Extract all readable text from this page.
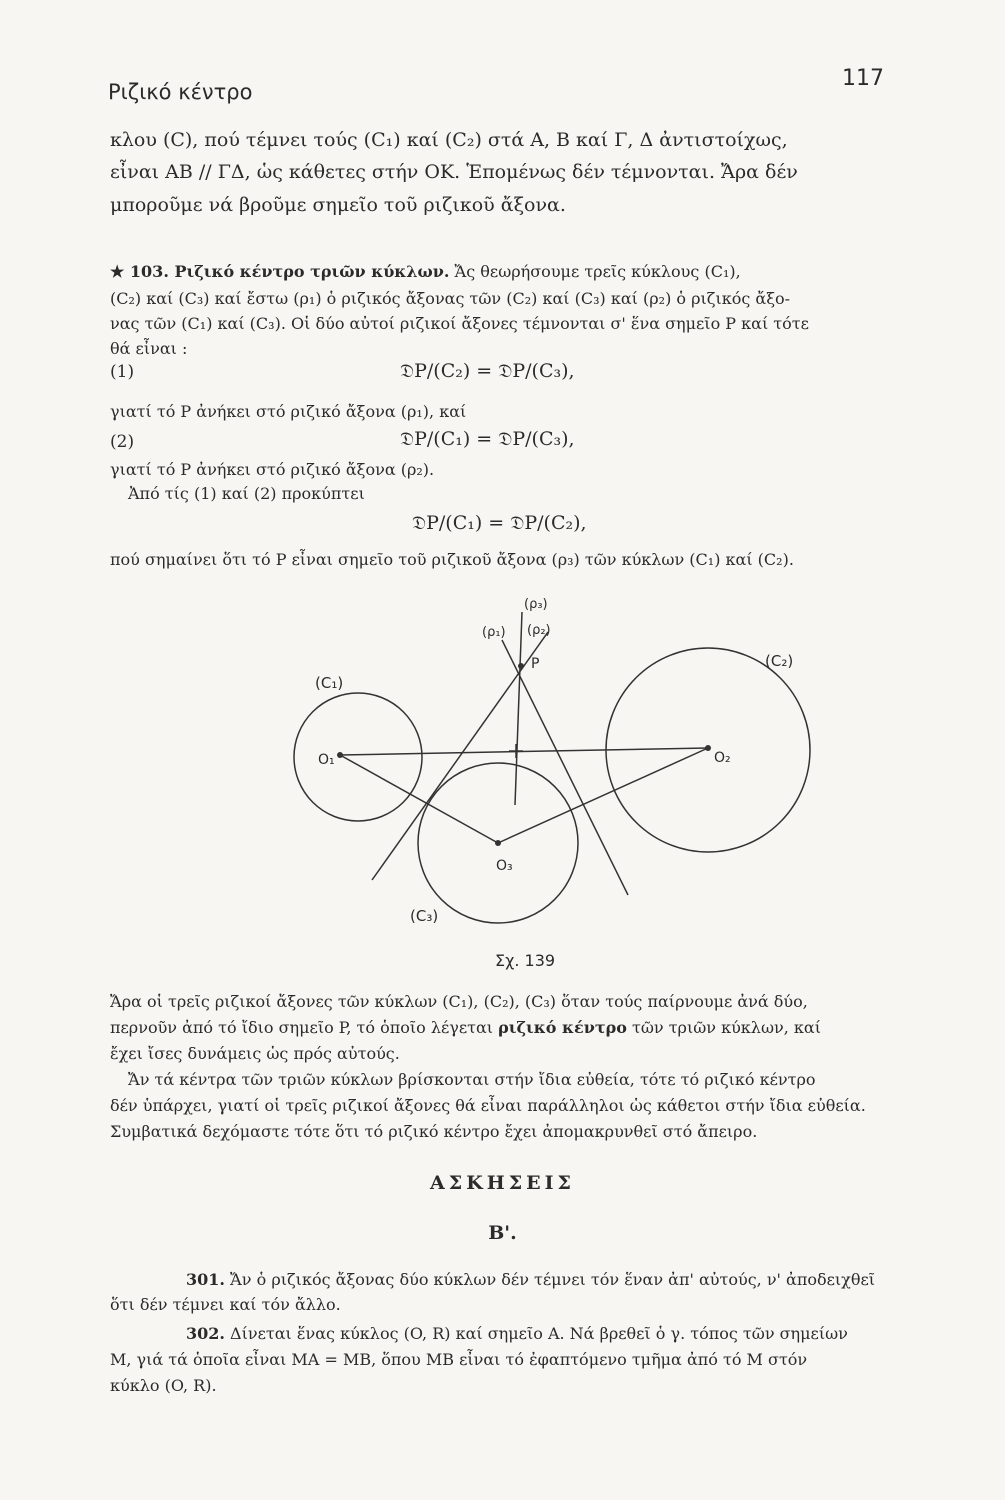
Ριζικό κέντρο
117
κλου (C), πού τέμνει τούς (C₁) καί (C₂) στά A, B καί Γ, Δ ἀντιστοίχως,
εἶναι AB // ΓΔ, ὡς κάθετες στήν OK. Ἑπομένως δέν τέμνονται. Ἄρα δέν
μποροῦμε νά βροῦμε σημεῖο τοῦ ριζικοῦ ἄξονα.
★ 103. Ριζικό κέντρο τριῶν κύκλων. Ἄς θεωρήσουμε τρεῖς κύκλους (C₁),
(C₂) καί (C₃) καί ἔστω (ρ₁) ὁ ριζικός ἄξονας τῶν (C₂) καί (C₃) καί (ρ₂) ὁ ριζικός ἄξο-
νας τῶν (C₁) καί (C₃). Οἱ δύο αὐτοί ριζικοί ἄξονες τέμνονται σ' ἕνα σημεῖο P καί τότε
θά εἶναι :
(1)	𝔇P/(C₂) = 𝔇P/(C₃),
γιατί τό P ἀνήκει στό ριζικό ἄξονα (ρ₁), καί
(2)	𝔇P/(C₁) = 𝔇P/(C₃),
γιατί τό P ἀνήκει στό ριζικό ἄξονα (ρ₂).
Ἀπό τίς (1) καί (2) προκύπτει
𝔇P/(C₁) = 𝔇P/(C₂),
πού σημαίνει ὅτι τό P εἶναι σημεῖο τοῦ ριζικοῦ ἄξονα (ρ₃) τῶν κύκλων (C₁) καί (C₂).
(C₁)
(C₂)
(C₃)
O₁	O₂
O₃
P
(ρ₁) (ρ₂)
(ρ₃)
Σχ. 139
Ἄρα οἱ τρεῖς ριζικοί ἄξονες τῶν κύκλων (C₁), (C₂), (C₃) ὅταν τούς παίρνουμε ἀνά δύο,
περνοῦν ἀπό τό ἴδιο σημεῖο P, τό ὁποῖο λέγεται ριζικό κέντρο τῶν τριῶν κύκλων, καί
ἔχει ἴσες δυνάμεις ὡς πρός αὐτούς.
Ἄν τά κέντρα τῶν τριῶν κύκλων βρίσκονται στήν ἴδια εὐθεία, τότε τό ριζικό κέντρο
δέν ὑπάρχει, γιατί οἱ τρεῖς ριζικοί ἄξονες θά εἶναι παράλληλοι ὡς κάθετοι στήν ἴδια εὐθεία.
Συμβατικά δεχόμαστε τότε ὅτι τό ριζικό κέντρο ἔχει ἀπομακρυνθεῖ στό ἄπειρο.
ΑΣΚΗΣΕΙΣ
Β'.
301. Ἄν ὁ ριζικός ἄξονας δύο κύκλων δέν τέμνει τόν ἕναν ἀπ' αὐτούς, ν' ἀποδειχθεῖ
ὅτι δέν τέμνει καί τόν ἄλλο.
302. Δίνεται ἕνας κύκλος (O, R) καί σημεῖο A. Νά βρεθεῖ ὁ γ. τόπος τῶν σημείων
M, γιά τά ὁποῖα εἶναι MA = MB, ὅπου MB εἶναι τό ἐφαπτόμενο τμῆμα ἀπό τό M στόν
κύκλο (O, R).
